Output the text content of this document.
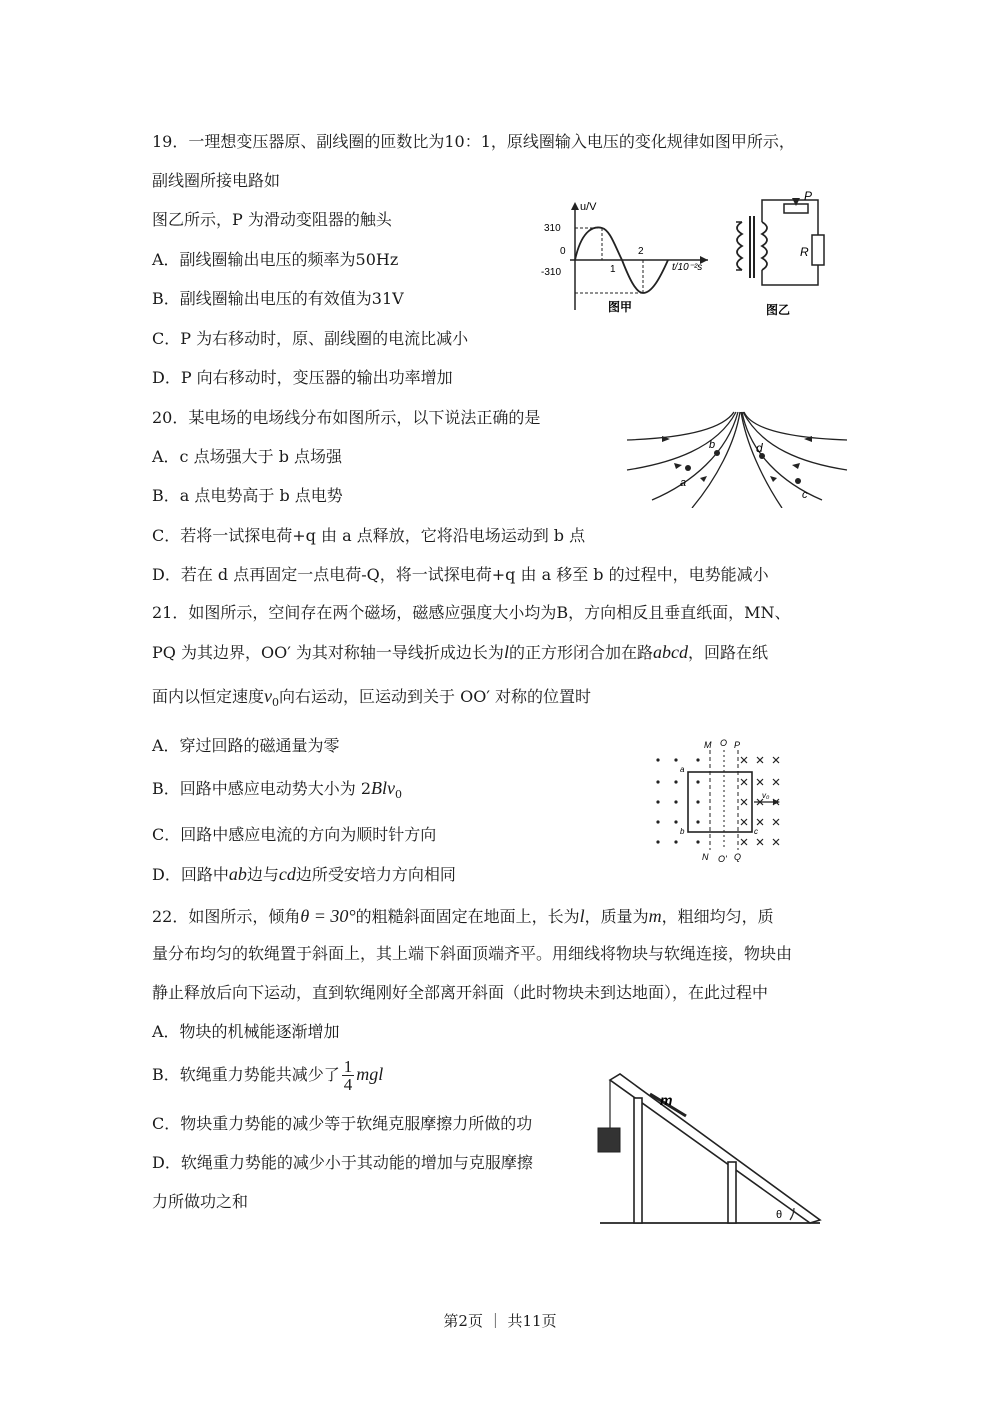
19．一理想变压器原、副线圈的匝数比为10：1，原线圈输入电压的变化规律如图甲所示，
副线圈所接电路如
图乙所示，P 为滑动变阻器的触头
A．副线圈输出电压的频率为50Hz
B．副线圈输出电压的有效值为31V
C．P 为右移动时，原、副线圈的电流比减小
D．P 向右移动时，变压器的输出功率增加
u/V
310
0
-310	1
2
t/10⁻²s
图甲
P
R
图乙
20．某电场的电场线分布如图所示，以下说法正确的是
A．c 点场强大于 b 点场强
B．a 点电势高于 b 点电势
C．若将一试探电荷+q 由 a 点释放，它将沿电场运动到 b 点
D．若在 d 点再固定一点电荷-Q，将一试探电荷+q 由 a 移至 b 的过程中，电势能减小
a
b	d
c
21．如图所示，空间存在两个磁场，磁感应强度大小均为B，方向相反且垂直纸面，MN、
PQ 为其边界，OO′ 为其对称轴一导线折成边长为l的正方形闭合加在路abcd，回路在纸
面内以恒定速度$v_0$向右运动，叵运动到关于 OO′ 对称的位置时
A．穿过回路的磁通量为零
B．回路中感应电动势大小为 2Blv$_0$
C．回路中感应电流的方向为顺时针方向
D．回路中ab边与cd边所受安培力方向相同
M O P
N O' Q
a
b	c
v₀
22．如图所示，倾角θ = 30°的粗糙斜面固定在地面上，长为l，质量为m，粗细均匀，质
量分布均匀的软绳置于斜面上，其上端下斜面顶端齐平。用细线将物块与软绳连接，物块由
静止释放后向下运动，直到软绳刚好全部离开斜面（此时物块未到达地面），在此过程中
A．物块的机械能逐渐增加
B．软绳重力势能共减少了 $\frac{1}{4}$ mgl
C．物块重力势能的减少等于软绳克服摩擦力所做的功
D．软绳重力势能的减少小于其动能的增加与克服摩擦
力所做功之和
m
θ
第2页 ｜ 共11页
